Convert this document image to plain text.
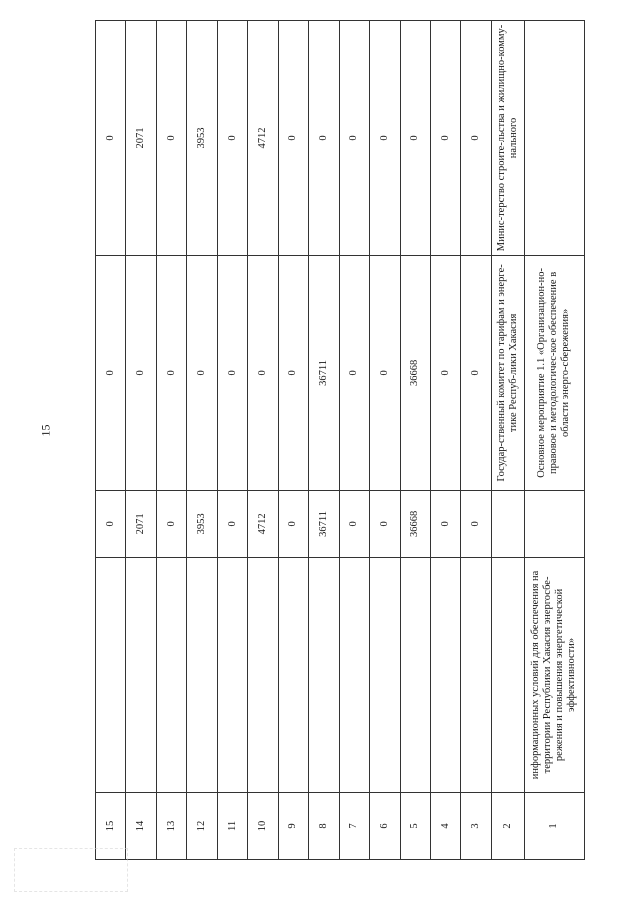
15
15		0	0	0
14		2071	0	2071
13		0	0	0
12		3953	0	3953
11		0	0	0
10		4712	0	4712
9		0	0	0
8		36711	36711	0
7		0	0	0
6		0	0	0
5		36668	36668	0
4		0	0	0
3		0	0	0
2			Государ-ственный комитет по тарифам и энерге-тике Респуб-лики Хакасия	Минис-терство строите-льства и жилищно-комму-нального
1	информационных условий для обеспечения на территории Республики Хакасия энергосбе-режения и повышения энергетической эффективности»		Основное мероприятие 1.1 «Организацион-но-правовое и методологичес-кое обеспечение в области энерго-сбережения»	
